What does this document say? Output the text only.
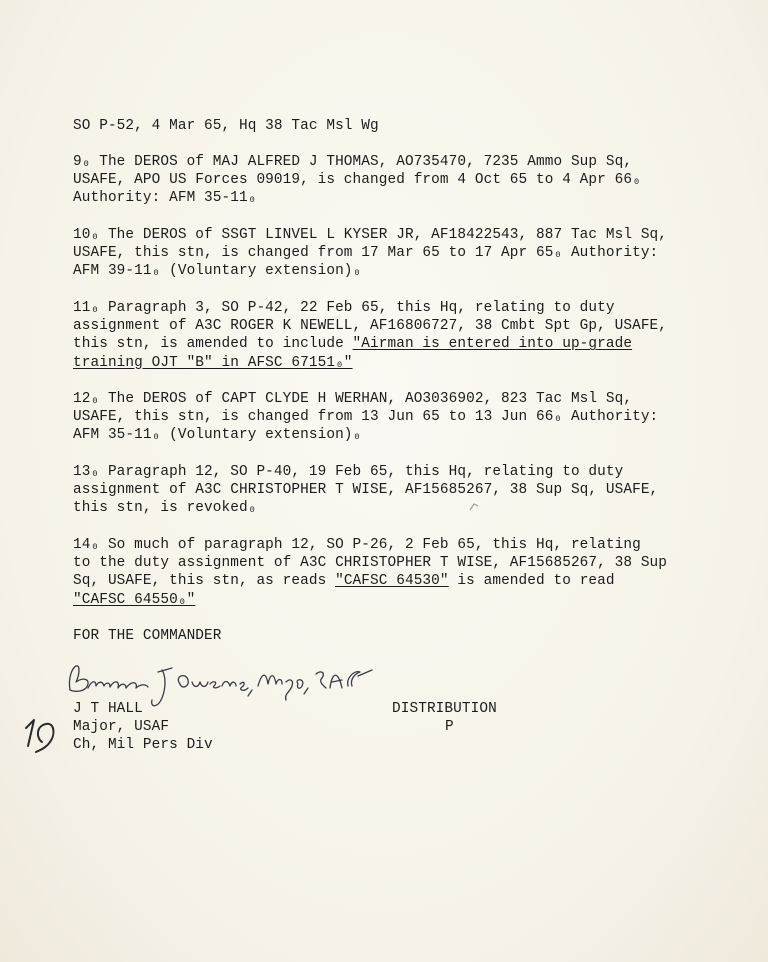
SO P-52, 4 Mar 65, Hq 38 Tac Msl Wg
9₀ The DEROS of MAJ ALFRED J THOMAS, AO735470, 7235 Ammo Sup Sq,
USAFE, APO US Forces 09019, is changed from 4 Oct 65 to 4 Apr 66₀
Authority: AFM 35-11₀
10₀ The DEROS of SSGT LINVEL L KYSER JR, AF18422543, 887 Tac Msl Sq,
USAFE, this stn, is changed from 17 Mar 65 to 17 Apr 65₀ Authority:
AFM 39-11₀ (Voluntary extension)₀
11₀ Paragraph 3, SO P-42, 22 Feb 65, this Hq, relating to duty
assignment of A3C ROGER K NEWELL, AF16806727, 38 Cmbt Spt Gp, USAFE,
this stn, is amended to include "Airman is entered into up-grade
training OJT "B" in AFSC 67151₀"
12₀ The DEROS of CAPT CLYDE H WERHAN, AO3036902, 823 Tac Msl Sq,
USAFE, this stn, is changed from 13 Jun 65 to 13 Jun 66₀ Authority:
AFM 35-11₀ (Voluntary extension)₀
13₀ Paragraph 12, SO P-40, 19 Feb 65, this Hq, relating to duty
assignment of A3C CHRISTOPHER T WISE, AF15685267, 38 Sup Sq, USAFE,
this stn, is revoked₀
14₀ So much of paragraph 12, SO P-26, 2 Feb 65, this Hq, relating
to the duty assignment of A3C CHRISTOPHER T WISE, AF15685267, 38 Sup
Sq, USAFE, this stn, as reads "CAFSC 64530" is amended to read
"CAFSC 64550₀"
FOR THE COMMANDER
J T HALL
Major, USAF
Ch, Mil Pers Div
DISTRIBUTION
P
